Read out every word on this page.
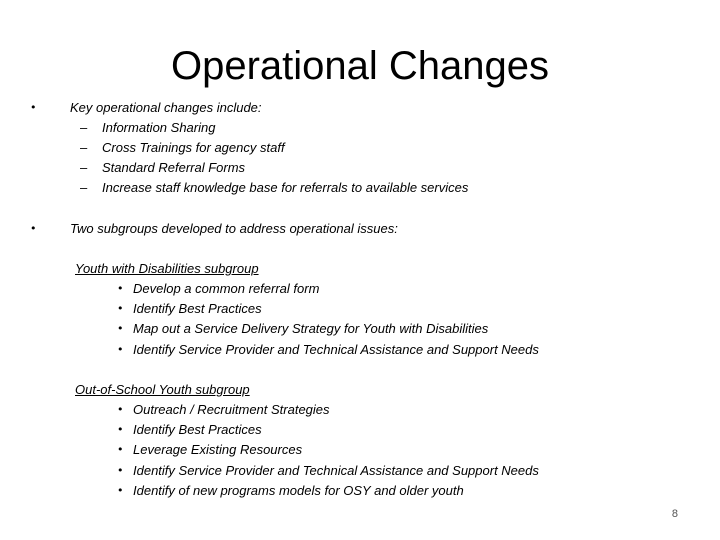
Operational Changes
•	Key operational changes include:
– Information Sharing
– Cross Trainings for agency staff
– Standard Referral Forms
– Increase staff knowledge base for referrals to available services
•	Two subgroups developed to address operational issues:
Youth with Disabilities subgroup
• Develop a common referral form
• Identify Best Practices
• Map out a Service Delivery Strategy for Youth with Disabilities
• Identify Service Provider and Technical Assistance and Support Needs
Out-of-School Youth subgroup
• Outreach / Recruitment Strategies
• Identify Best Practices
• Leverage Existing Resources
• Identify Service Provider and Technical Assistance and Support Needs
• Identify of new programs models for OSY and older youth
8
